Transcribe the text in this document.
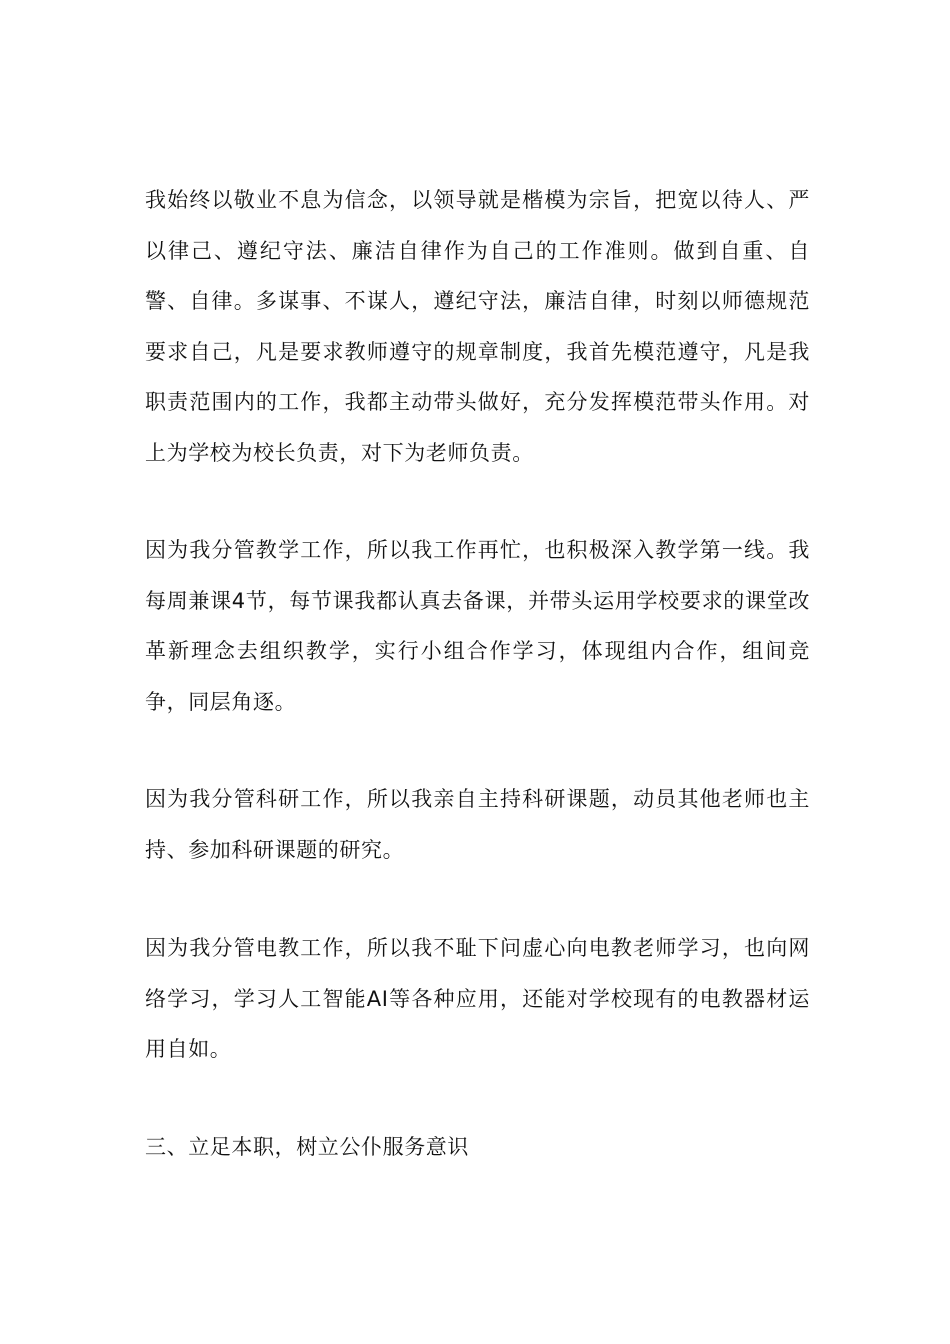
我始终以敬业不息为信念，以领导就是楷模为宗旨，把宽以待人、严以律己、遵纪守法、廉洁自律作为自己的工作准则。做到自重、自警、自律。多谋事、不谋人，遵纪守法，廉洁自律，时刻以师德规范要求自己，凡是要求教师遵守的规章制度，我首先模范遵守，凡是我职责范围内的工作，我都主动带头做好，充分发挥模范带头作用。对上为学校为校长负责，对下为老师负责。

因为我分管教学工作，所以我工作再忙，也积极深入教学第一线。我每周兼课4节，每节课我都认真去备课，并带头运用学校要求的课堂改革新理念去组织教学，实行小组合作学习，体现组内合作，组间竞争，同层角逐。

因为我分管科研工作，所以我亲自主持科研课题，动员其他老师也主持、参加科研课题的研究。

因为我分管电教工作，所以我不耻下问虚心向电教老师学习，也向网络学习，学习人工智能AI等各种应用，还能对学校现有的电教器材运用自如。

三、立足本职，树立公仆服务意识
